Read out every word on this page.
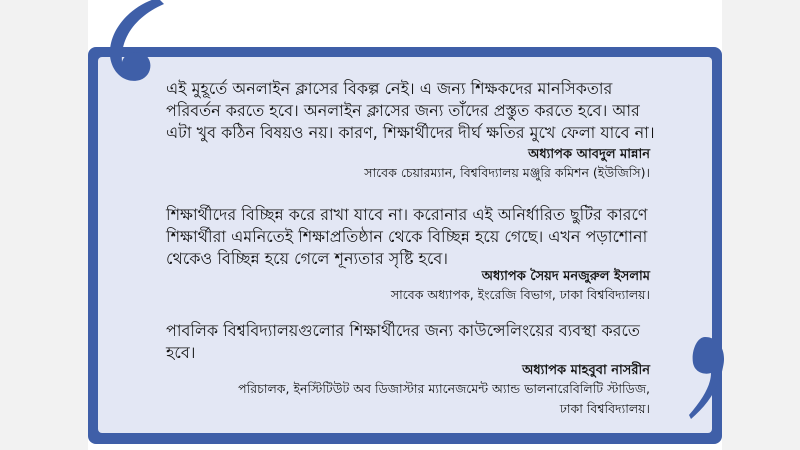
এই মুহূর্তে অনলাইন ক্লাসের বিকল্প নেই। এ জন্য শিক্ষকদের মানসিকতার
পরিবর্তন করতে হবে। অনলাইন ক্লাসের জন্য তাঁদের প্রস্তুত করতে হবে। আর
এটা খুব কঠিন বিষয়ও নয়। কারণ, শিক্ষার্থীদের দীর্ঘ ক্ষতির মুখে ফেলা যাবে না।
অধ্যাপক আবদুল মান্নান
সাবেক চেয়ারম্যান, বিশ্ববিদ্যালয় মঞ্জুরি কমিশন (ইউজিসি)।
শিক্ষার্থীদের বিচ্ছিন্ন করে রাখা যাবে না। করোনার এই অনির্ধারিত ছুটির কারণে
শিক্ষার্থীরা এমনিতেই শিক্ষাপ্রতিষ্ঠান থেকে বিচ্ছিন্ন হয়ে গেছে। এখন পড়াশোনা
থেকেও বিচ্ছিন্ন হয়ে গেলে শূন্যতার সৃষ্টি হবে।
অধ্যাপক সৈয়দ মনজুরুল ইসলাম
সাবেক অধ্যাপক, ইংরেজি বিভাগ, ঢাকা বিশ্ববিদ্যালয়।
পাবলিক বিশ্ববিদ্যালয়গুলোর শিক্ষার্থীদের জন্য কাউন্সেলিংয়ের ব্যবস্থা করতে
হবে।
অধ্যাপক মাহবুবা নাসরীন
পরিচালক, ইনস্টিটিউট অব ডিজাস্টার ম্যানেজমেন্ট অ্যান্ড ভালনারেবিলিটি স্টাডিজ,
ঢাকা বিশ্ববিদ্যালয়।
